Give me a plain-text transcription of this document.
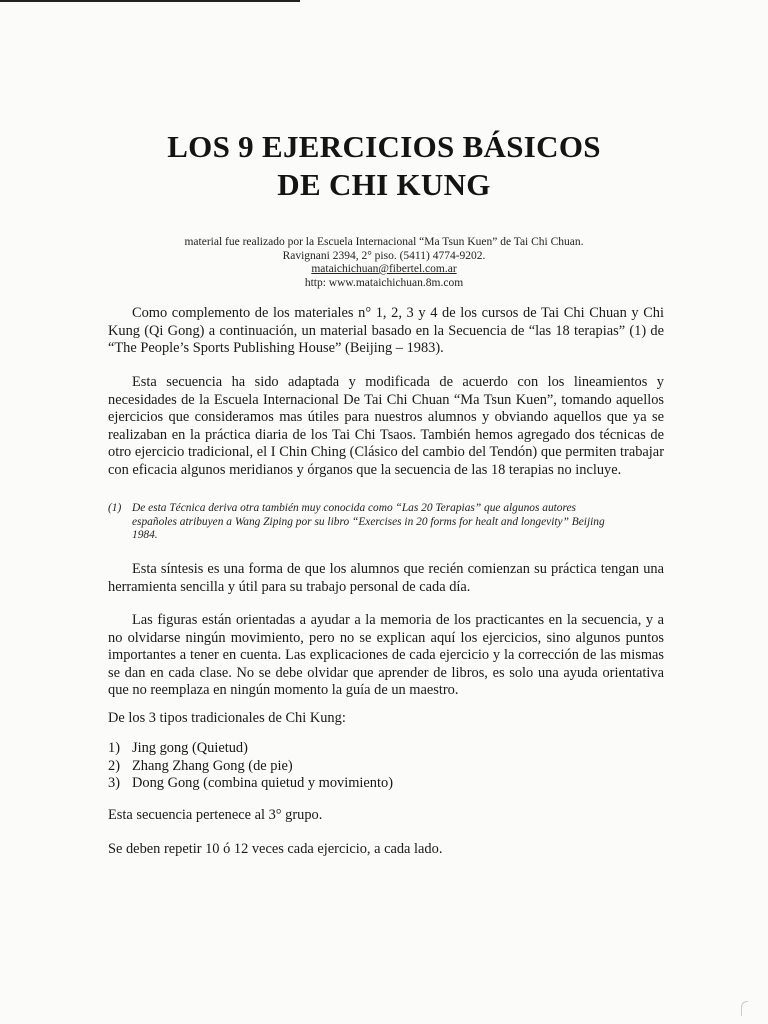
LOS 9 EJERCICIOS BÁSICOS
DE CHI KUNG
material fue realizado por la Escuela Internacional “Ma Tsun Kuen” de Tai Chi Chuan.
Ravignani 2394, 2° piso. (5411) 4774-9202.
mataichichuan@fibertel.com.ar
http: www.mataichichuan.8m.com
Como complemento de los materiales n° 1, 2, 3 y 4 de los cursos de Tai Chi Chuan y Chi Kung (Qi Gong) a continuación, un material basado en la Secuencia de “las 18 terapias” (1) de “The People’s Sports Publishing House” (Beijing – 1983).
Esta secuencia ha sido adaptada y modificada de acuerdo con los lineamientos y necesidades de la Escuela Internacional De Tai Chi Chuan “Ma Tsun Kuen”, tomando aquellos ejercicios que consideramos mas útiles para nuestros alumnos y obviando aquellos que ya se realizaban en la práctica diaria de los Tai Chi Tsaos. También hemos agregado dos técnicas de otro ejercicio tradicional, el I Chin Ching (Clásico del cambio del Tendón) que permiten trabajar con eficacia algunos meridianos y órganos que la secuencia de las 18 terapias no incluye.
(1) De esta Técnica deriva otra también muy conocida como “Las 20 Terapias” que algunos autores
españoles atribuyen a Wang Ziping por su libro “Exercises in 20 forms for healt and longevity” Beijing
1984.
Esta síntesis es una forma de que los alumnos que recién comienzan su práctica tengan una herramienta sencilla y útil para su trabajo personal de cada día.
Las figuras están orientadas a ayudar a la memoria de los practicantes en la secuencia, y a no olvidarse ningún movimiento, pero no se explican aquí los ejercicios, sino algunos puntos importantes a tener en cuenta. Las explicaciones de cada ejercicio y la corrección de las mismas se dan en cada clase. No se debe olvidar que aprender de libros, es solo una ayuda orientativa que no reemplaza en ningún momento la guía de un maestro.
De los 3 tipos tradicionales de Chi Kung:
1) Jing gong (Quietud)
2) Zhang Zhang Gong (de pie)
3) Dong Gong (combina quietud y movimiento)
Esta secuencia pertenece al 3° grupo.
Se deben repetir 10 ó 12 veces cada ejercicio, a cada lado.
